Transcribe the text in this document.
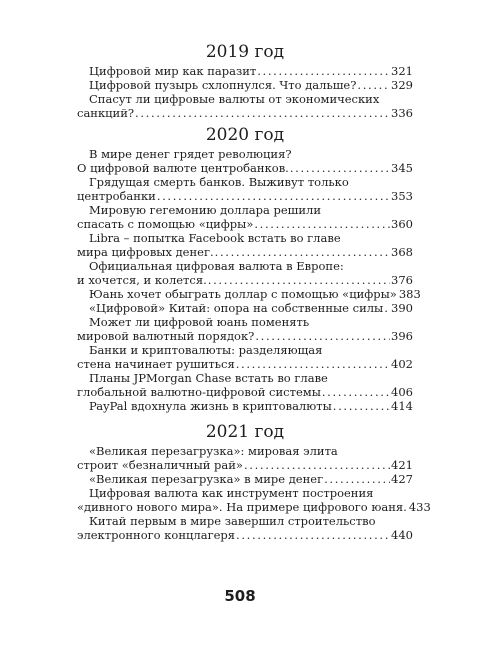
2019 год
Цифровой мир как паразит . . .	321
Цифровой пузырь схлопнулся. Что дальше? . . .	329
Спасут ли цифровые валюты от экономических
санкций? . . .	336
2020 год
В мире денег грядет революция?
О цифровой валюте центробанков. . . .	345
Грядущая смерть банков. Выживут только
центробанки . . .	353
Мировую гегемонию доллара решили
спасать с помощью «цифры» . . .	360
Libra – попытка Facebook встать во главе
мира цифровых денег. . . .	368
Официальная цифровая валюта в Европе:
и хочется, и колется. . . .	376
Юань хочет обыграть доллар с помощью «цифры» 383
«Цифровой» Китай: опора на собственные силы . . . 390
Может ли цифровой юань поменять
мировой валютный порядок? . . .	396
Банки и криптовалюты: разделяющая
стена начинает рушиться . . .	402
Планы JPMorgan Chase встать во главе
глобальной валютно-цифровой системы . . .	406
PayPal вдохнула жизнь в криптовалюты . . .	414
2021 год
«Великая перезагрузка»: мировая элита
строит «безналичный рай» . . .	421
«Великая перезагрузка» в мире денег . . .	427
Цифровая валюта как инструмент построения
«дивного нового мира». На примере цифрового юаня. 433
Китай первым в мире завершил строительство
электронного концлагеря . . .	440
508
